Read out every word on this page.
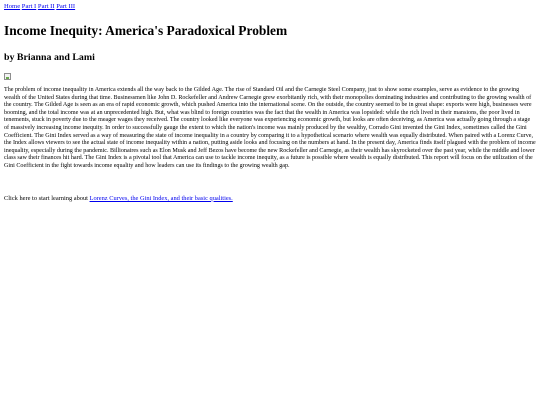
Home Part I Part II Part III
Income Inequity: America's Paradoxical Problem
by Brianna and Lami

The problem of income inequality in America extends all the way back to the Gilded Age. The rise of Standard Oil and the Carnegie Steel Company, just to show some examples, serve as evidence to the growing wealth of the United States during that time. Businessmen like John D. Rockefeller and Andrew Carnegie grew exorbitantly rich, with their monopolies dominating industries and contributing to the growing wealth of the country. The Gilded Age is seen as an era of rapid economic growth, which pushed America into the international scene. On the outside, the country seemed to be in great shape: exports were high, businesses were booming, and the total income was at an unprecedented high. But, what was blind to foreign countries was the fact that the wealth in America was lopsided: while the rich lived in their mansions, the poor lived in tenements, stuck in poverty due to the meager wages they received. The country looked like everyone was experiencing economic growth, but looks are often deceiving, as America was actually going through a stage of massively increasing income inequity. In order to successfully gauge the extent to which the nation's income was mainly produced by the wealthy, Corrado Gini invented the Gini Index, sometimes called the Gini Coefficient. The Gini Index served as a way of measuring the state of income inequality in a country by comparing it to a hypothetical scenario where wealth was equally distributed. When paired with a Lorenz Curve, the Index allows viewers to see the actual state of income inequality within a nation, putting aside looks and focusing on the numbers at hand. In the present day, America finds itself plagued with the problem of income inequality, especially during the pandemic. Billionaires such as Elon Musk and Jeff Bezos have become the new Rockefeller and Carnegie, as their wealth has skyrocketed over the past year, while the middle and lower class saw their finances hit hard. The Gini Index is a pivotal tool that America can use to tackle income inequity, as a future is possible where wealth is equally distributed. This report will focus on the utilization of the Gini Coefficient in the fight towards income equality and how leaders can use its findings to the growing wealth gap.

Click here to start learning about Lorenz Curves, the Gini Index, and their basic qualities.
